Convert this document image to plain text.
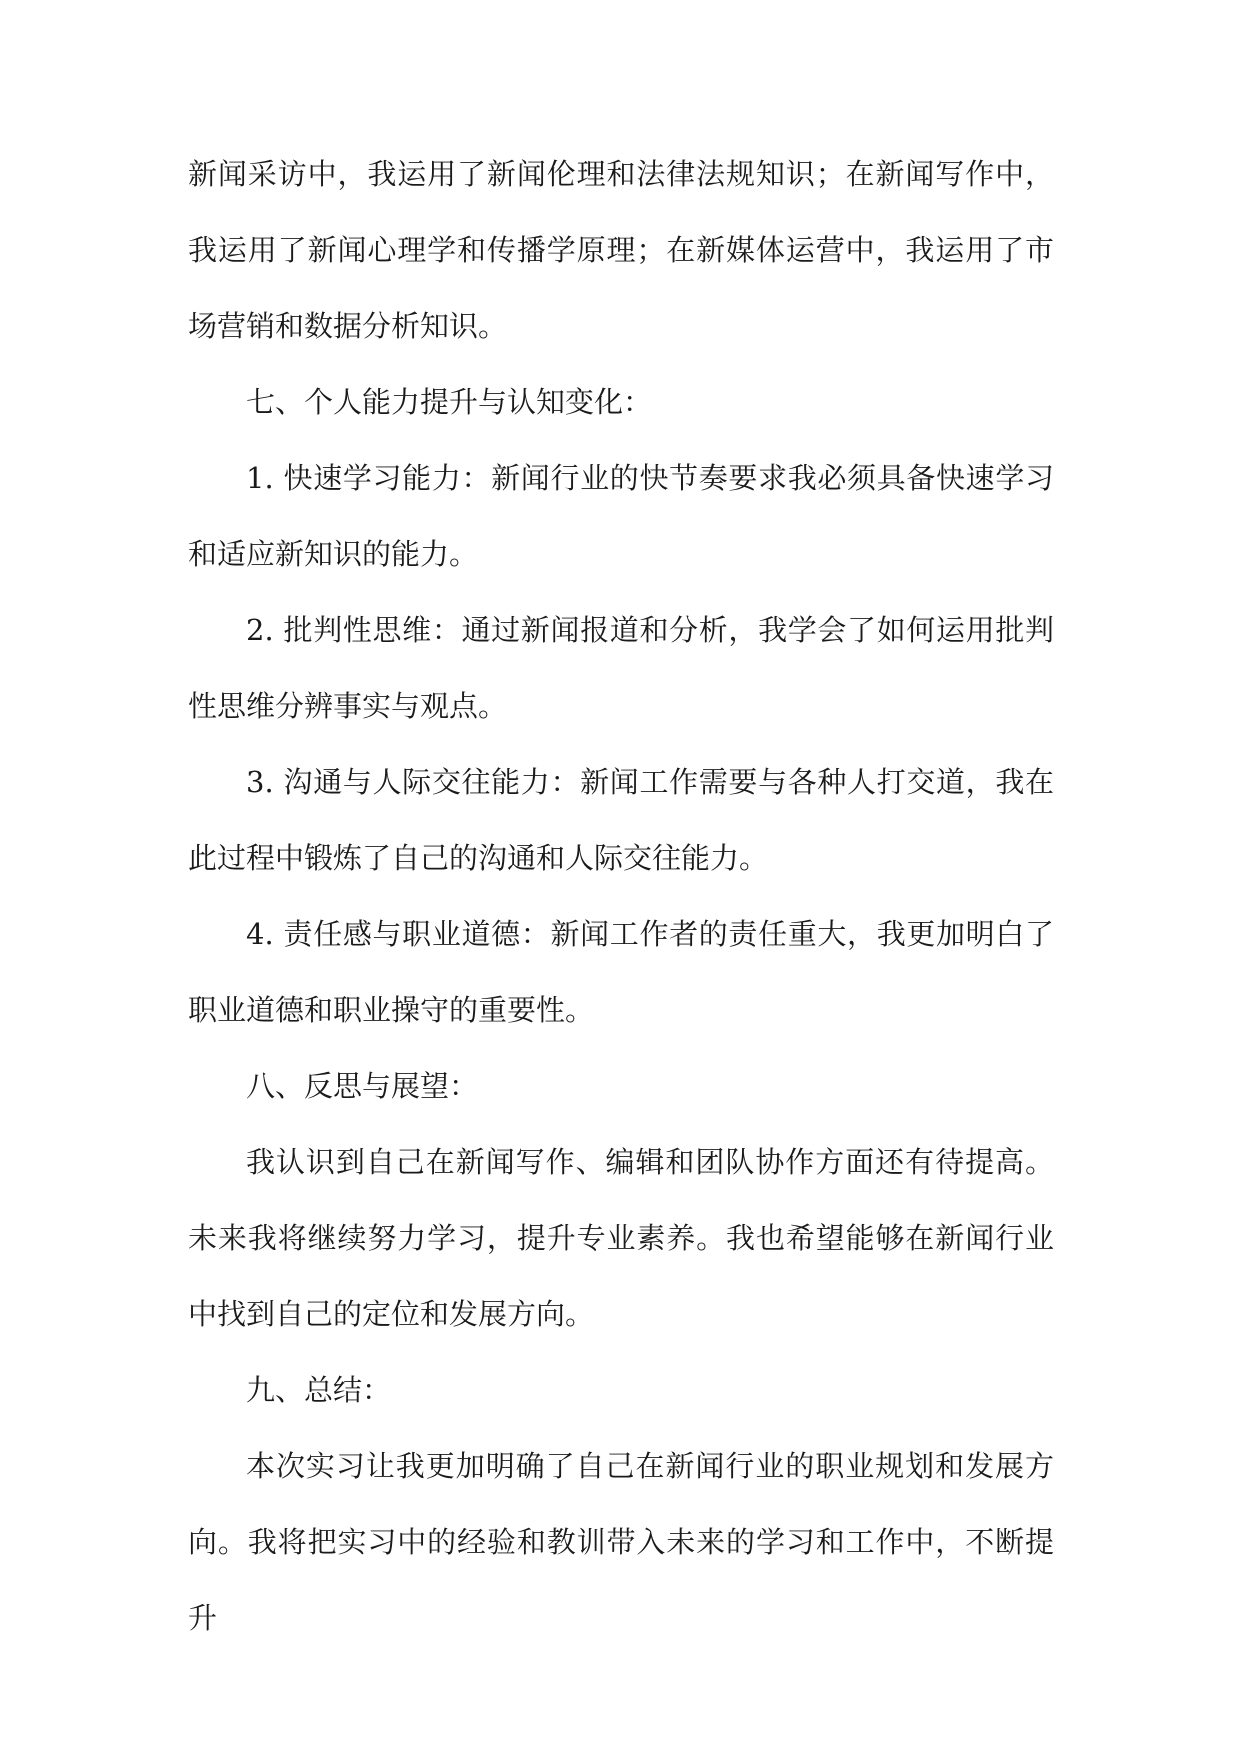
新闻采访中，我运用了新闻伦理和法律法规知识；在新闻写作中，我运用了新闻心理学和传播学原理；在新媒体运营中，我运用了市场营销和数据分析知识。

七、个人能力提升与认知变化：

1. 快速学习能力：新闻行业的快节奏要求我必须具备快速学习和适应新知识的能力。

2. 批判性思维：通过新闻报道和分析，我学会了如何运用批判性思维分辨事实与观点。

3. 沟通与人际交往能力：新闻工作需要与各种人打交道，我在此过程中锻炼了自己的沟通和人际交往能力。

4. 责任感与职业道德：新闻工作者的责任重大，我更加明白了职业道德和职业操守的重要性。

八、反思与展望：

我认识到自己在新闻写作、编辑和团队协作方面还有待提高。未来我将继续努力学习，提升专业素养。我也希望能够在新闻行业中找到自己的定位和发展方向。

九、总结：

本次实习让我更加明确了自己在新闻行业的职业规划和发展方向。我将把实习中的经验和教训带入未来的学习和工作中，不断提升
